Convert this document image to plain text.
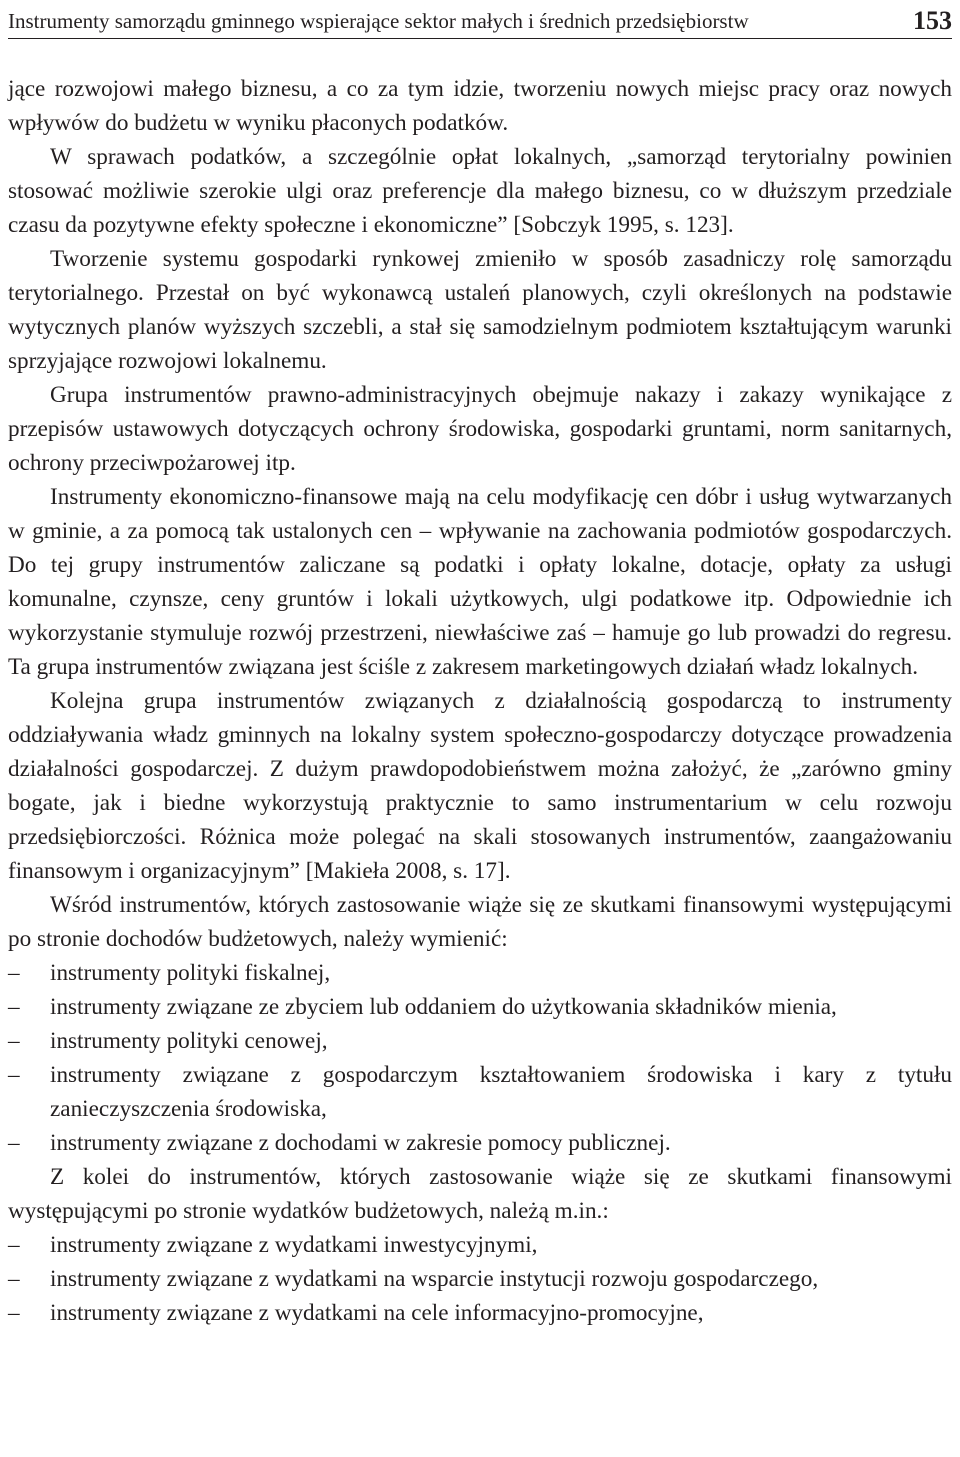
Instrumenty samorządu gminnego wspierające sektor małych i średnich przedsiębiorstw	153

jące rozwojowi małego biznesu, a co za tym idzie, tworzeniu nowych miejsc pracy oraz nowych wpływów do budżetu w wyniku płaconych podatków.

W sprawach podatków, a szczególnie opłat lokalnych, „samorząd terytorialny powinien stosować możliwie szerokie ulgi oraz preferencje dla małego biznesu, co w dłuższym przedziale czasu da pozytywne efekty społeczne i ekonomiczne” [Sobczyk 1995, s. 123].

Tworzenie systemu gospodarki rynkowej zmieniło w sposób zasadniczy rolę samorządu terytorialnego. Przestał on być wykonawcą ustaleń planowych, czyli określonych na podstawie wytycznych planów wyższych szczebli, a stał się samodzielnym podmiotem kształtującym warunki sprzyjające rozwojowi lokalnemu.

Grupa instrumentów prawno-administracyjnych obejmuje nakazy i zakazy wynikające z przepisów ustawowych dotyczących ochrony środowiska, gospodarki gruntami, norm sanitarnych, ochrony przeciwpożarowej itp.

Instrumenty ekonomiczno-finansowe mają na celu modyfikację cen dóbr i usług wytwarzanych w gminie, a za pomocą tak ustalonych cen – wpływanie na zachowania podmiotów gospodarczych. Do tej grupy instrumentów zaliczane są podatki i opłaty lokalne, dotacje, opłaty za usługi komunalne, czynsze, ceny gruntów i lokali użytkowych, ulgi podatkowe itp. Odpowiednie ich wykorzystanie stymuluje rozwój przestrzeni, niewłaściwe zaś – hamuje go lub prowadzi do regresu. Ta grupa instrumentów związana jest ściśle z zakresem marketingowych działań władz lokalnych.

Kolejna grupa instrumentów związanych z działalnością gospodarczą to instrumenty oddziaływania władz gminnych na lokalny system społeczno-gospodarczy dotyczące prowadzenia działalności gospodarczej. Z dużym prawdopodobieństwem można założyć, że „zarówno gminy bogate, jak i biedne wykorzystują praktycznie to samo instrumentarium w celu rozwoju przedsiębiorczości. Różnica może polegać na skali stosowanych instrumentów, zaangażowaniu finansowym i organizacyjnym” [Makieła 2008, s. 17].

Wśród instrumentów, których zastosowanie wiąże się ze skutkami finansowymi występującymi po stronie dochodów budżetowych, należy wymienić:

– instrumenty polityki fiskalnej,
– instrumenty związane ze zbyciem lub oddaniem do użytkowania składników mienia,
– instrumenty polityki cenowej,
– instrumenty związane z gospodarczym kształtowaniem środowiska i kary z tytułu zanieczyszczenia środowiska,
– instrumenty związane z dochodami w zakresie pomocy publicznej.

Z kolei do instrumentów, których zastosowanie wiąże się ze skutkami finansowymi występującymi po stronie wydatków budżetowych, należą m.in.:

– instrumenty związane z wydatkami inwestycyjnymi,
– instrumenty związane z wydatkami na wsparcie instytucji rozwoju gospodarczego,
– instrumenty związane z wydatkami na cele informacyjno-promocyjne,
